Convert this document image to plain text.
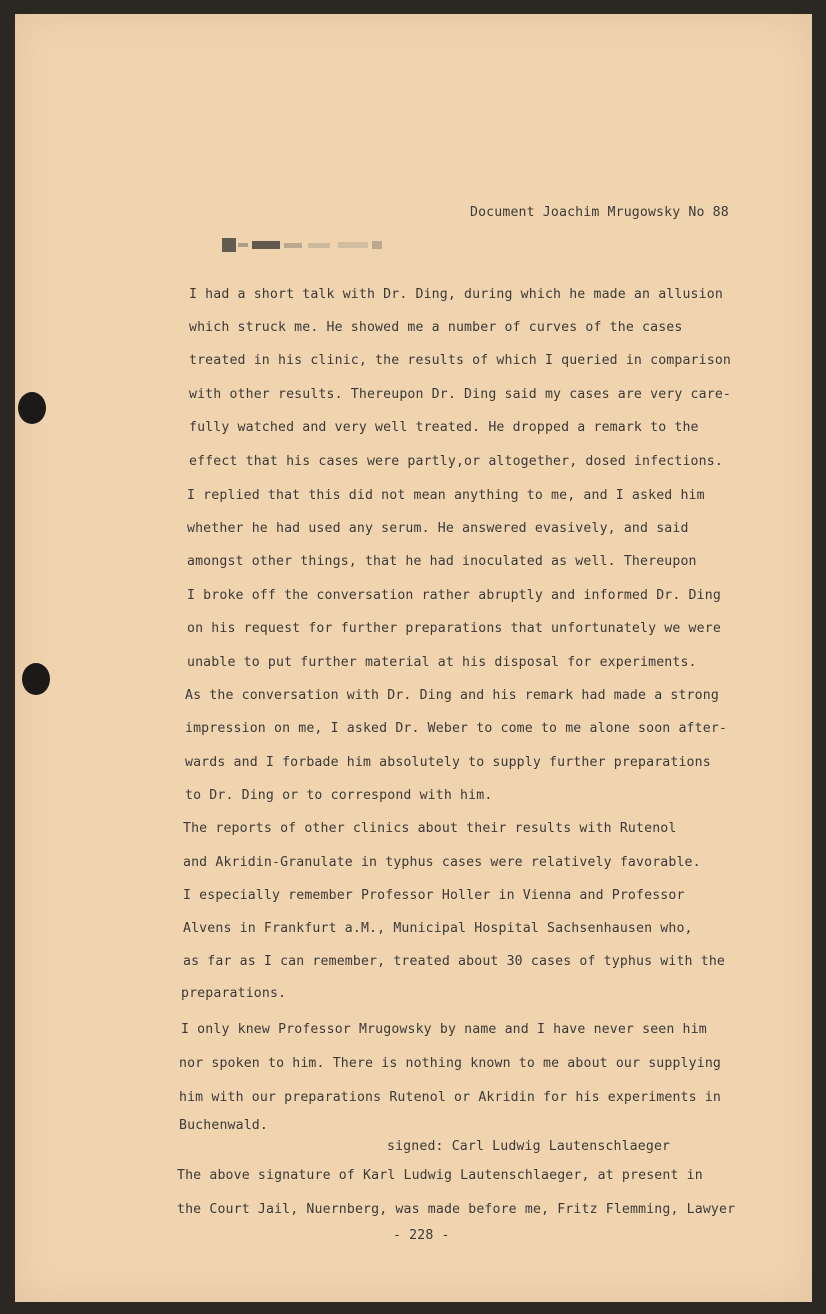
Document Joachim Mrugowsky No 88
I had a short talk with Dr. Ding, during which he made an allusion
which struck me. He showed me a number of curves of the cases
treated in his clinic, the results of which I queried in comparison
with other results. Thereupon Dr. Ding said my cases are very care-
fully watched and very well treated. He dropped a remark to the
effect that his cases were partly,or altogether, dosed infections.
I replied that this did not mean anything to me, and I asked him
whether he had used any serum. He answered evasively, and said
amongst other things, that he had inoculated as well. Thereupon
I broke off the conversation rather abruptly and informed Dr. Ding
on his request for further preparations that unfortunately we were
unable to put further material at his disposal for experiments.
As the conversation with Dr. Ding and his remark had made a strong
impression on me, I asked Dr. Weber to come to me alone soon after-
wards and I forbade him absolutely to supply further preparations
to Dr. Ding or to correspond with him.
The reports of other clinics about their results with Rutenol
and Akridin-Granulate in typhus cases were relatively favorable.
I especially remember Professor Holler in Vienna and Professor
Alvens in Frankfurt a.M., Municipal Hospital Sachsenhausen who,
as far as I can remember, treated about 30 cases of typhus with the
preparations.
I only knew Professor Mrugowsky by name and I have never seen him
nor spoken to him. There is nothing known to me about our supplying
him with our preparations Rutenol or Akridin for his experiments in
Buchenwald.
The above signature of Karl Ludwig Lautenschlaeger, at present in
the Court Jail, Nuernberg, was made before me, Fritz Flemming, Lawyer
signed: Carl Ludwig Lautenschlaeger
- 228 -
